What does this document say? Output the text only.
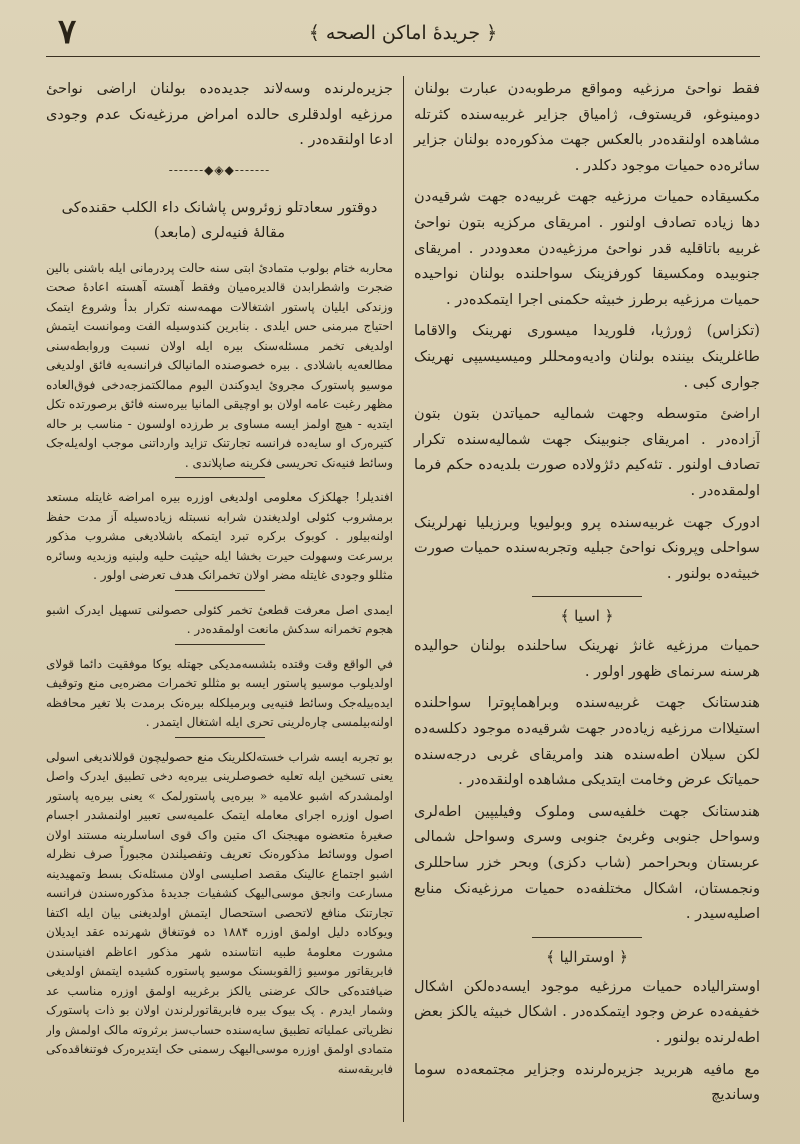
٧	﴿ جريدهٔ اماكن الصحه ﴾

فقط نواحیٔ مرزغیه ومواقع مرطوبه‌دن عبارت بولنان دومینوغو، قریستوف، ژامیاق جزایر غربیه‌سنده کثرتله مشاهده اولنقده‌در بالعکس جهت مذکوره‌ده بولنان جزایر سائره‌ده حمیات موجود دکلدر .

مکسیقاده حمیات مرزغیه جهت غربیه‌ده جهت شرقیه‌دن دها زیاده تصادف اولنور . امریقای مرکزیه بتون نواحیٔ غربیه باتاقلیه قدر نواحیٔ مرزغیه‌دن معدوددر . امریقای جنوبیده ومکسیقا کورفزینک سواحلنده بولنان نواحیده حمیات مرزغیه برطرز خبیثه حکمنی اجرا ایتمکده‌در .

(تکزاس) ژورژیا، فلوریدا میسوری نهرینک والاقاما طاغلرینک بیننده بولنان وادیه‌ومحللر ومیسیسیپی نهرینک جواری کبی .

اراضیٔ متوسطه وجهت شمالیه حمیاتدن بتون بتون آزاده‌در . امریقای جنوبینک جهت شمالیه‌سنده تکرار تصادف اولنور . تئه‌کیم دئژولاده صورت بلدیه‌ده حکم فرما اولمقده‌در .

ادورک جهت غربیه‌سنده پرو وبولیویا وبرزیلیا نهرلرینک سواحلی وپرونک نواحیٔ جبلیه وتجربه‌سنده حمیات صورت خبیثه‌ده بولنور .

﴿ اسیا ﴾

حمیات مرزغیه غانژ نهرینک ساحلنده بولنان حوالیده هرسنه سرنمای ظهور اولور .

هندستانک جهت غربیه‌سنده وبراهماپوترا سواحلنده استیلاات مرزغیه زیاده‌در جهت شرقیه‌ده موجود دکلسه‌ده لکن سیلان اطه‌سنده هند وامریقای غربی درجه‌سنده حمیاتک عرض وخامت ایتدیکی مشاهده اولنقده‌در .

هندستانک جهت خلفیه‌سی وملوک وفیلیپین اطه‌لری وسواحل جنوبی وغربیٔ جنوبی وسری وسواحل شمالی عربستان وبحراحمر (شاب دکزی) وبحر خزر ساحللری ونجمستان، اشکال مختلفه‌ده حمیات مرزغیه‌نک منابع اصلیه‌سیدر .

﴿ اوسترالیا ﴾

اوسترالیاده حمیات مرزغیه موجود ایسه‌ده‌لکن اشکال خفیفه‌ده عرض وجود ایتمکده‌در . اشکال خبیثه یالکز بعض اطه‌لرنده بولنور .

مع مافیه هربرید جزیره‌لرنده وجزایر مجتمعه‌ده سوما وساندیچ

جزیره‌لرنده وسه‌لاند جدیده‌ده بولنان اراضی نواحیٔ مرزغیه اولدقلری حالده امراض مرزغیه‌نک عدم وجودی ادعا اولنقده‌در .

-------◆◈◆-------
دوقتور سعادتلو زوئروس پاشانک داء الکلب حقنده‌کی
مقالهٔ فنیه‌لری (مابعد)

محاربه ختام بولوب متمادیٔ ابتی سنه حالت پردرمانی ایله باشنی بالین ضجرت واشطرابدن قالدیره‌میان وفقط آهسته آهسته اعادهٔ صحت وزندکی ایلیان پاستور اشتغالات مهمه‌سنه تکرار بدأ وشروع ایتمک احتیاج مبرمنی حس ایلدی . بنابرین کندوسیله الفت وموانست ایتمش اولدیغی تخمر مسئله‌سنک بیره ایله اولان نسبت وروابطه‌سنی مطالعه‌یه باشلادی . بیره خصوصنده المانیالک فرانسه‌یه فائق اولدیغی موسیو پاستورک مجرویٔ ایدوکندن الیوم ممالکتمزجه‌دخی فوق‌العاده مظهر رغبت عامه اولان بو اوچیقی المانیا بیره‌سنه فائق برصورتده تکل ایتدیه - هیچ اولمز ایسه مساوی بر طرزده اولسون - مناسب بر حاله کتیره‌رک او سایه‌ده فرانسه تجارتنک تزاید وارداتنی موجب اوله‌یله‌جک وسائط فنیه‌نک تحریسی فکرینه صاپلاندی .

افندیلر! جهلکزک معلومی اولدیغی اوزره بیره امراضه غایتله مستعد برمشروب کئولی اولدیغندن شرابه نسبتله زیاده‌سیله آز مدت حفظ اولنه‌بیلور . کوبوک برکره تبرد ایتمکه باشلادیغی مشروب مذکور برسرعت وسهولت حیرت بخشا ایله حیثیت حلیه ولبنیه وزبدیه وسائره مثللو وجودی غایتله مضر اولان تخمرانک هدف تعرضی اولور .

ایمدی اصل معرفت قطعیٔ تخمر کئولی حصولنی تسهیل ایدرک اشبو هجوم تخمرانه سدکش مانعت اولمقده‌در .

في الواقع وقت وقتده بئشسه‌مدیکی جهتله یوکا موفقیت دائما قولای اولدیلوب موسیو پاستور ایسه بو مثللو تخمرات مضره‌یی منع وتوقیف ایده‌بیله‌جک وسائط فنیه‌یی وبرمیلکله بیره‌نک برمدت بلا تغیر محافظه اولنه‌بیلمسی چاره‌لرینی تحری ایله اشتغال ایتمدر .

بو تجربه ایسه شراب خسته‌لکلرینک منع حصولیچون قوللاندیغی اسولی یعنی تسخین ایله تعلیه خصوصلرینی بیره‌یه دخی تطبیق ایدرک واصل اولمشدرکه اشبو علامیه « بیره‌یی پاستورلمک » یعنی بیره‌یه پاستور اصول اوزره اجرای معامله ایتمک علمیه‌سی تعبیر اولنمشدر اجسام صغیرهٔ متعضوه مهیجنک اک متین واک قوی اساسلرینه مستند اولان اصول ووسائط مذکوره‌نک تعریف وتفصیلندن مجبوراً صرف نظرله اشبو اجتماع عالینک مقصد اصلیسی اولان مسئله‌نک بسط وتمهیدینه مسارعت وانجق موسی‌الیهک کشفیات جدیدهٔ مذکوره‌سندن فرانسه تجارتنک منافع لاتحصی استحصال ایتمش اولدیغنی بیان ایله اکتفا ویوکاده دلیل اولمق اوزره ۱۸۸۴ ده فوتنغاق شهرنده عقد ایدیلان مشورت معلومهٔ طبیه انتاسنده شهر مذکور اعاظم افنیاسندن فابریقاتور موسیو ژالقوبسنک موسیو پاستوره کشیده ایتمش اولدیغی ضیافتده‌کی حالک عرضنی یالکز برغریبه اولمق اوزره مناسب عد وشمار ایدرم . پک بیوک بیره فابریقاتورلرندن اولان بو ذات پاستورک نظریاتی عملیاته تطبیق سایه‌سنده حساب‌سز برثروته مالک اولمش وار متمادی اولمق اوزره موسی‌الیهک رسمنی حک ایتدیره‌رک فوتنغاقده‌کی فابریقه‌سنه
